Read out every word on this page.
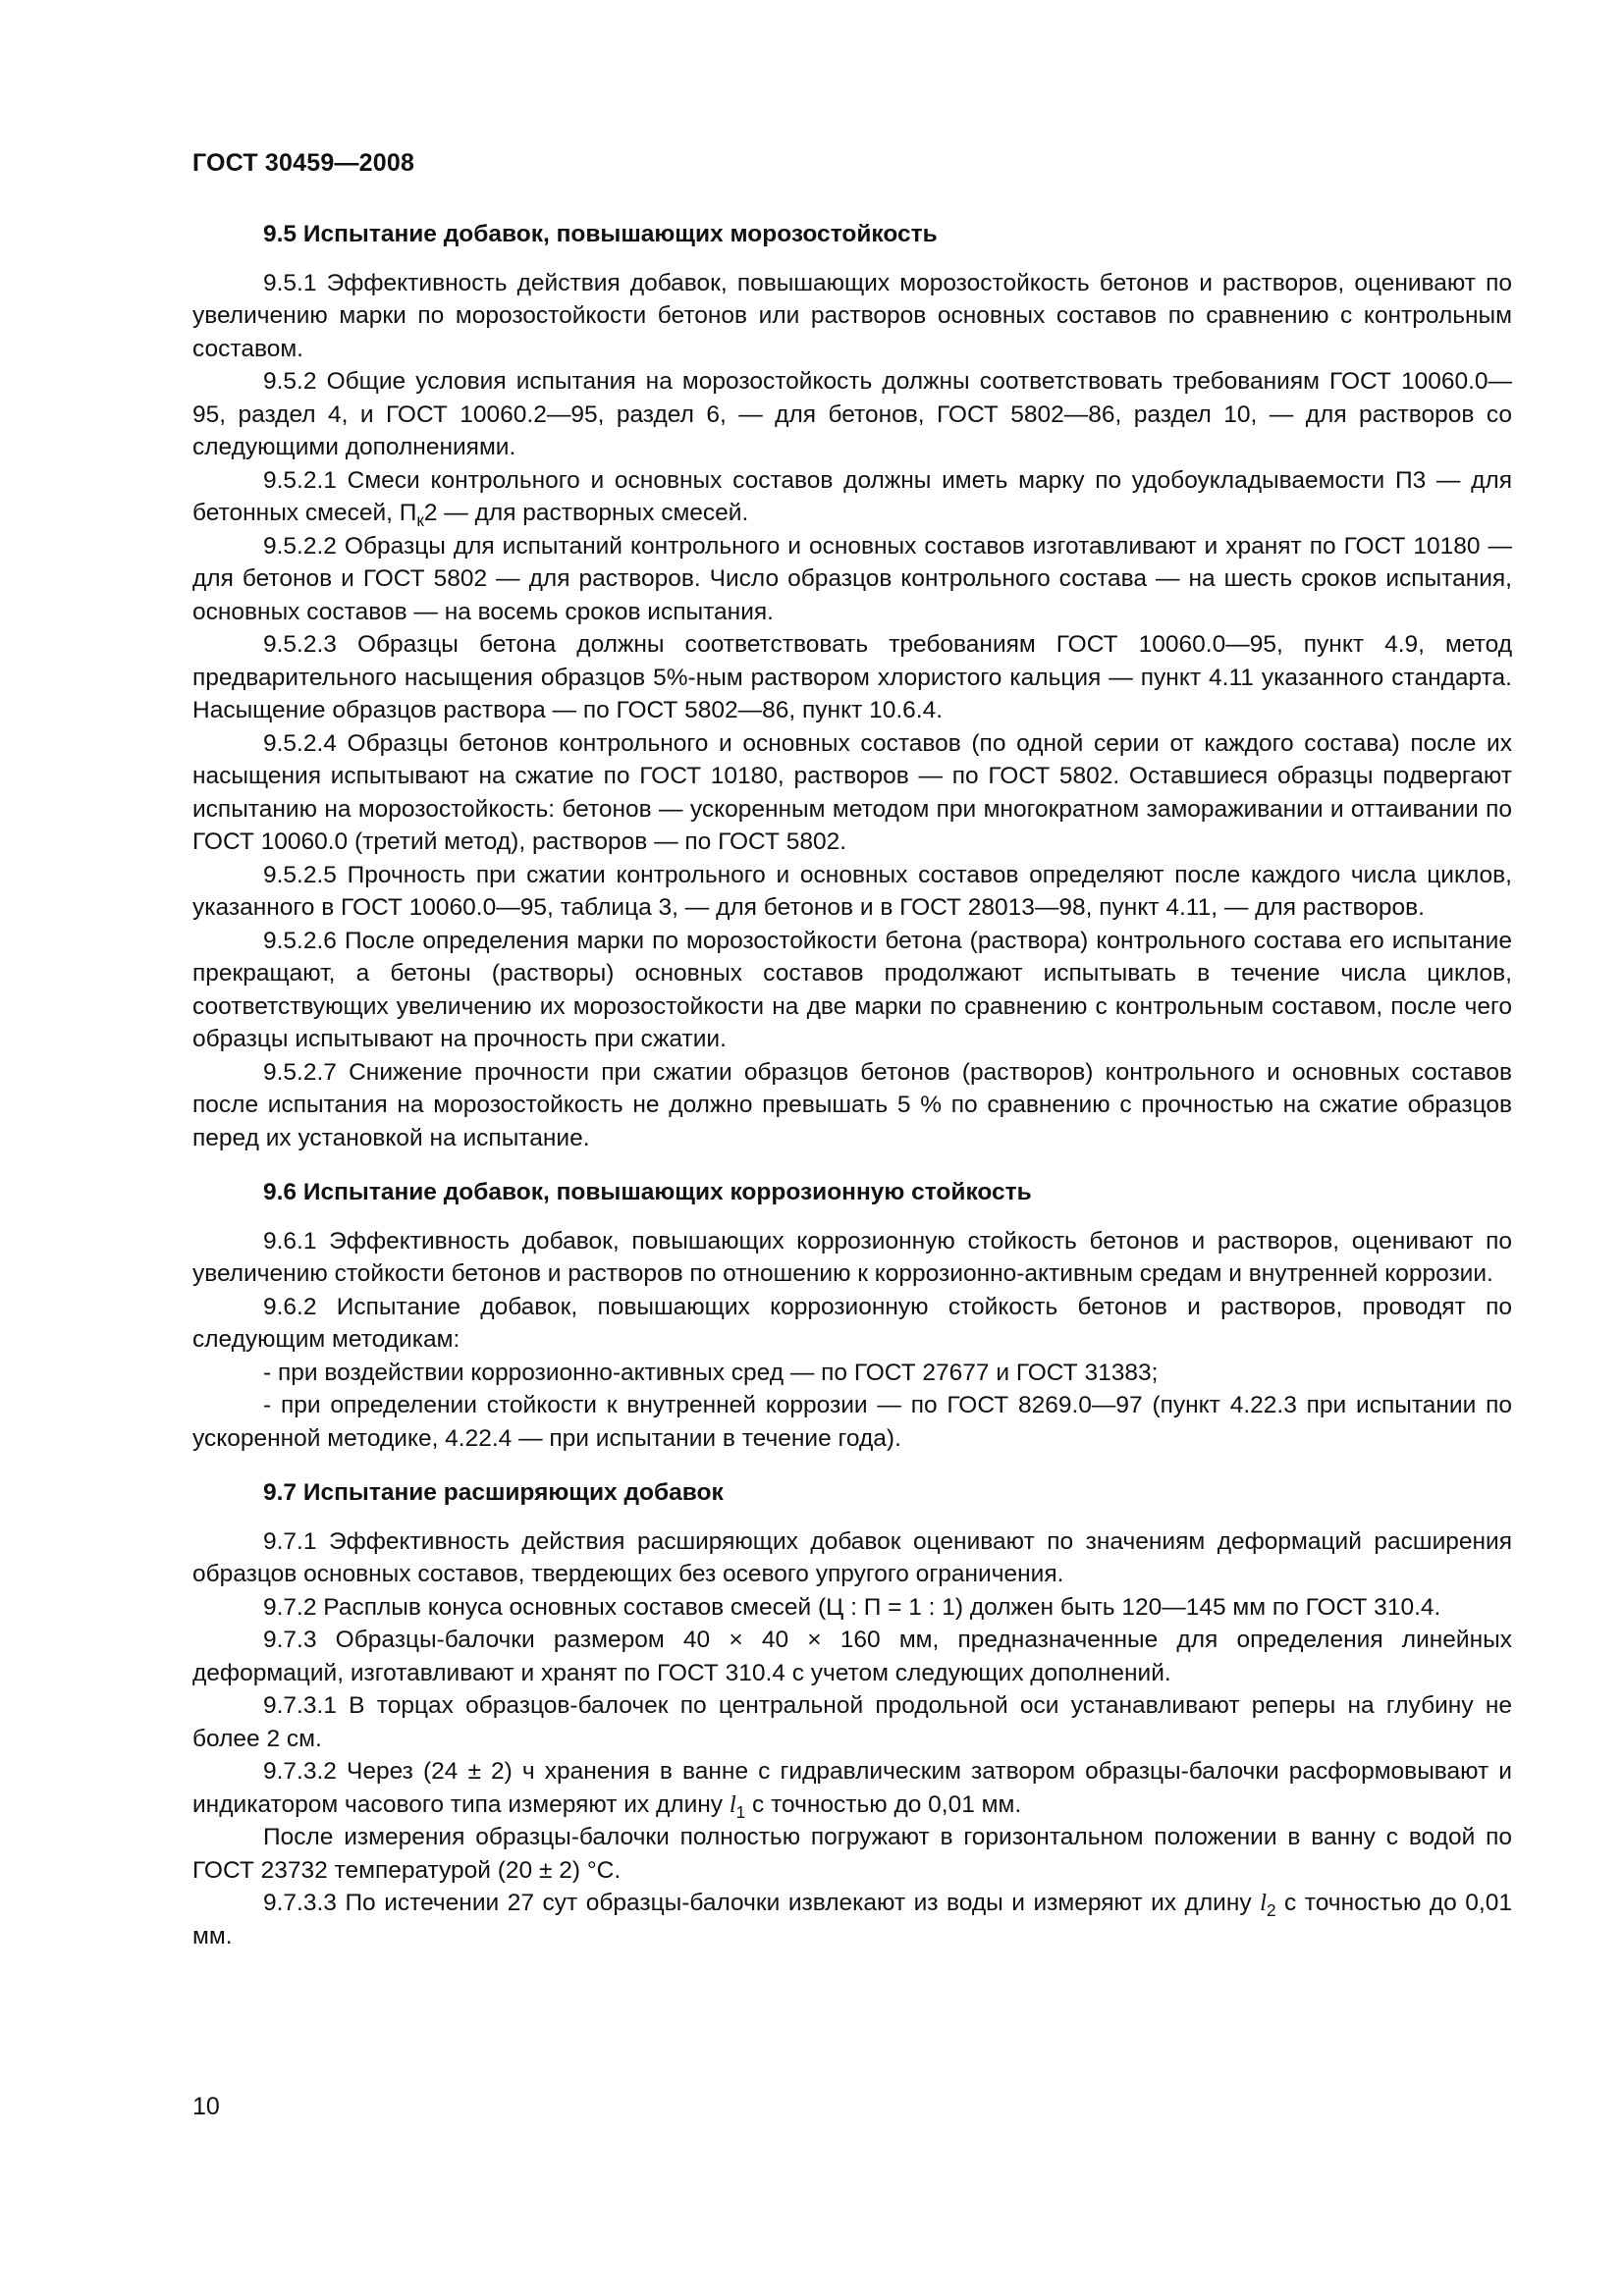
ГОСТ 30459—2008
9.5 Испытание добавок, повышающих морозостойкость

9.5.1 Эффективность действия добавок, повышающих морозостойкость бетонов и растворов, оценивают по увеличению марки по морозостойкости бетонов или растворов основных составов по сравнению с контрольным составом.

9.5.2 Общие условия испытания на морозостойкость должны соответствовать требованиям ГОСТ 10060.0—95, раздел 4, и ГОСТ 10060.2—95, раздел 6, — для бетонов, ГОСТ 5802—86, раздел 10, — для растворов со следующими дополнениями.

9.5.2.1 Смеси контрольного и основных составов должны иметь марку по удобоукладываемости П3 — для бетонных смесей, $П_к2$ — для растворных смесей.

9.5.2.2 Образцы для испытаний контрольного и основных составов изготавливают и хранят по ГОСТ 10180 — для бетонов и ГОСТ 5802 — для растворов. Число образцов контрольного состава — на шесть сроков испытания, основных составов — на восемь сроков испытания.

9.5.2.3 Образцы бетона должны соответствовать требованиям ГОСТ 10060.0—95, пункт 4.9, метод предварительного насыщения образцов 5%-ным раствором хлористого кальция — пункт 4.11 указанного стандарта. Насыщение образцов раствора — по ГОСТ 5802—86, пункт 10.6.4.

9.5.2.4 Образцы бетонов контрольного и основных составов (по одной серии от каждого состава) после их насыщения испытывают на сжатие по ГОСТ 10180, растворов — по ГОСТ 5802. Оставшиеся образцы подвергают испытанию на морозостойкость: бетонов — ускоренным методом при многократном замораживании и оттаивании по ГОСТ 10060.0 (третий метод), растворов — по ГОСТ 5802.

9.5.2.5 Прочность при сжатии контрольного и основных составов определяют после каждого числа циклов, указанного в ГОСТ 10060.0—95, таблица 3, — для бетонов и в ГОСТ 28013—98, пункт 4.11, — для растворов.

9.5.2.6 После определения марки по морозостойкости бетона (раствора) контрольного состава его испытание прекращают, а бетоны (растворы) основных составов продолжают испытывать в течение числа циклов, соответствующих увеличению их морозостойкости на две марки по сравнению с контрольным составом, после чего образцы испытывают на прочность при сжатии.

9.5.2.7 Снижение прочности при сжатии образцов бетонов (растворов) контрольного и основных составов после испытания на морозостойкость не должно превышать 5 % по сравнению с прочностью на сжатие образцов перед их установкой на испытание.

9.6 Испытание добавок, повышающих коррозионную стойкость

9.6.1 Эффективность добавок, повышающих коррозионную стойкость бетонов и растворов, оценивают по увеличению стойкости бетонов и растворов по отношению к коррозионно-активным средам и внутренней коррозии.

9.6.2 Испытание добавок, повышающих коррозионную стойкость бетонов и растворов, проводят по следующим методикам:

- при воздействии коррозионно-активных сред — по ГОСТ 27677 и ГОСТ 31383;

- при определении стойкости к внутренней коррозии — по ГОСТ 8269.0—97 (пункт 4.22.3 при испытании по ускоренной методике, 4.22.4 — при испытании в течение года).

9.7 Испытание расширяющих добавок

9.7.1 Эффективность действия расширяющих добавок оценивают по значениям деформаций расширения образцов основных составов, твердеющих без осевого упругого ограничения.

9.7.2 Расплыв конуса основных составов смесей (Ц : П = 1 : 1) должен быть 120—145 мм по ГОСТ 310.4.

9.7.3 Образцы-балочки размером 40 × 40 × 160 мм, предназначенные для определения линейных деформаций, изготавливают и хранят по ГОСТ 310.4 с учетом следующих дополнений.

9.7.3.1 В торцах образцов-балочек по центральной продольной оси устанавливают реперы на глубину не более 2 см.

9.7.3.2 Через (24 ± 2) ч хранения в ванне с гидравлическим затвором образцы-балочки расформовывают и индикатором часового типа измеряют их длину $l_1$ с точностью до 0,01 мм.

После измерения образцы-балочки полностью погружают в горизонтальном положении в ванну с водой по ГОСТ 23732 температурой (20 ± 2) °С.

9.7.3.3 По истечении 27 сут образцы-балочки извлекают из воды и измеряют их длину $l_2$ с точностью до 0,01 мм.

10
